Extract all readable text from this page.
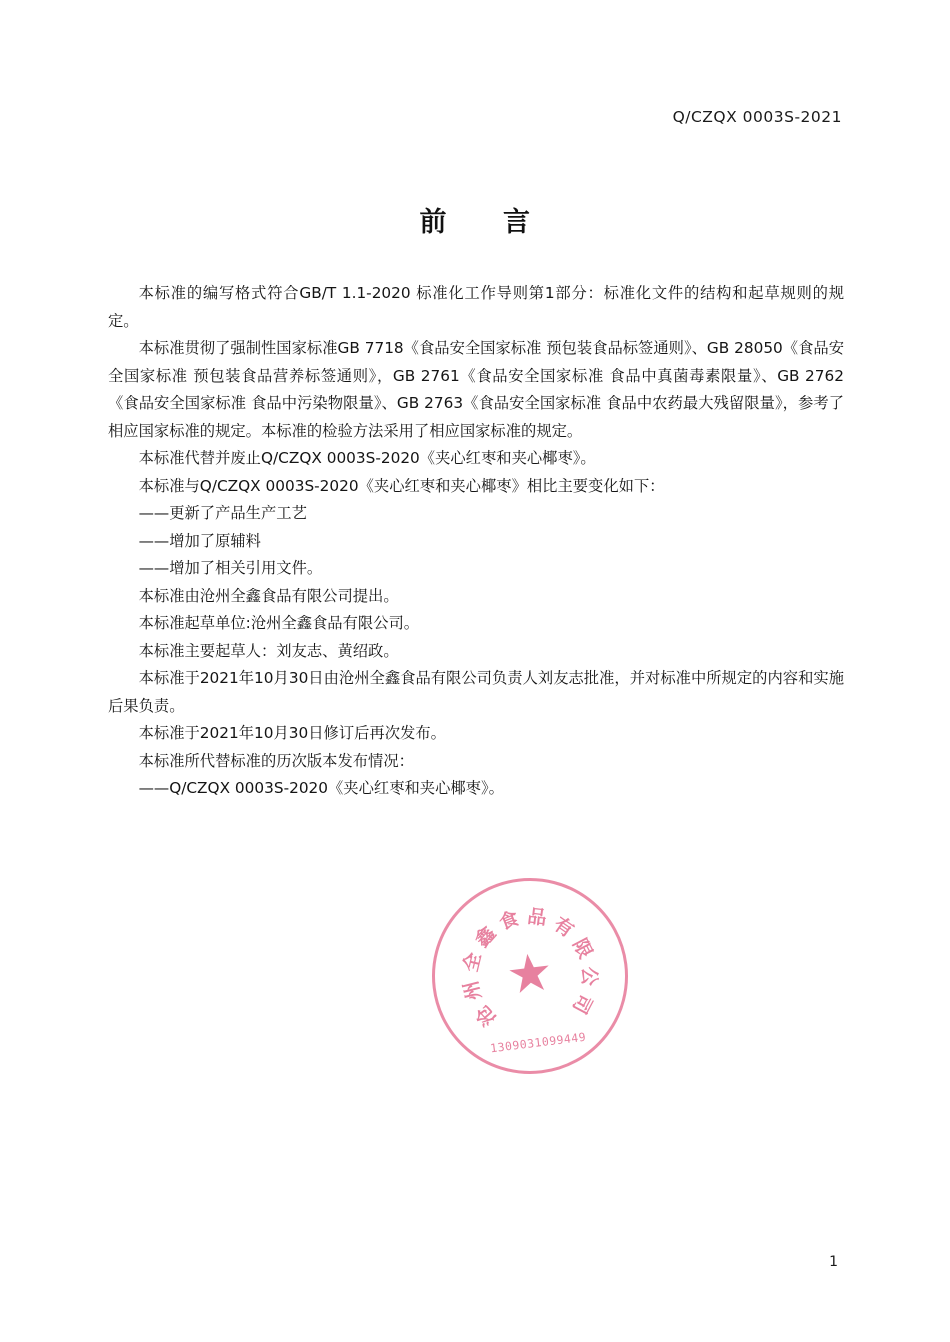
Q/CZQX 0003S-2021
前 言

本标准的编写格式符合GB/T 1.1-2020 标准化工作导则第1部分：标准化文件的结构和起草规则的规定。

本标准贯彻了强制性国家标准GB 7718《食品安全国家标准 预包装食品标签通则》、GB 28050《食品安全国家标准 预包装食品营养标签通则》，GB 2761《食品安全国家标准 食品中真菌毒素限量》、GB 2762《食品安全国家标准 食品中污染物限量》、GB 2763《食品安全国家标准 食品中农药最大残留限量》，参考了相应国家标准的规定。本标准的检验方法采用了相应国家标准的规定。

本标准代替并废止Q/CZQX 0003S-2020《夹心红枣和夹心椰枣》。

本标准与Q/CZQX 0003S-2020《夹心红枣和夹心椰枣》相比主要变化如下：

——更新了产品生产工艺

——增加了原辅料

——增加了相关引用文件。

本标准由沧州全鑫食品有限公司提出。

本标准起草单位:沧州全鑫食品有限公司。

本标准主要起草人：刘友志、黄绍政。

本标准于2021年10月30日由沧州全鑫食品有限公司负责人刘友志批准，并对标准中所规定的内容和实施后果负责。

本标准于2021年10月30日修订后再次发布。

本标准所代替标准的历次版本发布情况：

——Q/CZQX 0003S-2020《夹心红枣和夹心椰枣》。

沧
州
全
鑫
食 品 有
限
公
司
1309031099449
1
